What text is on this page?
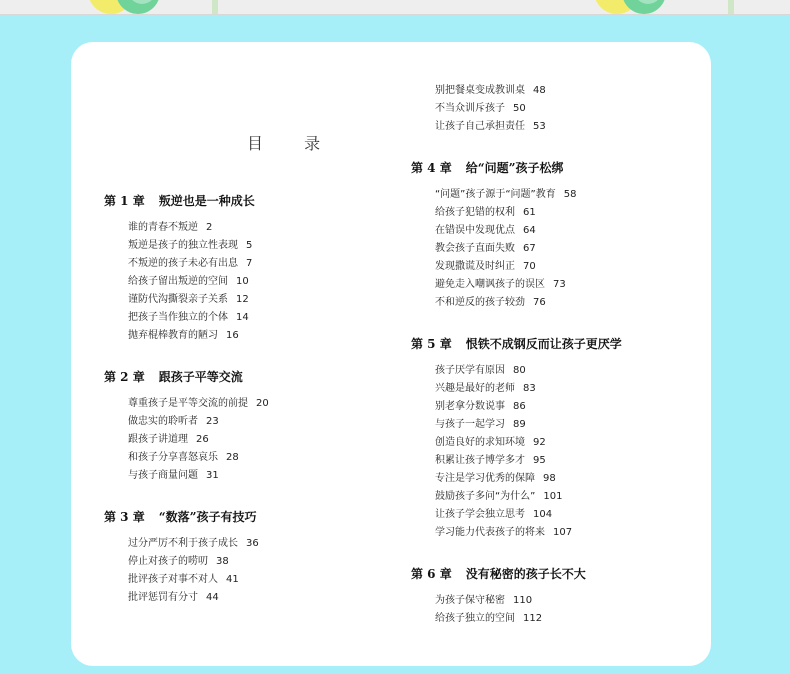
目 录
第 1 章 叛逆也是一种成长
谁的青春不叛逆 2
叛逆是孩子的独立性表现 5
不叛逆的孩子未必有出息 7
给孩子留出叛逆的空间 10
谨防代沟撕裂亲子关系 12
把孩子当作独立的个体 14
抛弃棍棒教育的陋习 16
第 2 章 跟孩子平等交流
尊重孩子是平等交流的前提 20
做忠实的聆听者 23
跟孩子讲道理 26
和孩子分享喜怒哀乐 28
与孩子商量问题 31
第 3 章 “数落”孩子有技巧
过分严厉不利于孩子成长 36
停止对孩子的唠叨 38
批评孩子对事不对人 41
批评惩罚有分寸 44
别把餐桌变成教训桌 48
不当众训斥孩子 50
让孩子自己承担责任 53
第 4 章 给“问题”孩子松绑
“问题”孩子源于“问题”教育 58
给孩子犯错的权利 61
在错误中发现优点 64
教会孩子直面失败 67
发现撒谎及时纠正 70
避免走入嘲讽孩子的误区 73
不和逆反的孩子较劲 76
第 5 章 恨铁不成钢反而让孩子更厌学
孩子厌学有原因 80
兴趣是最好的老师 83
别老拿分数说事 86
与孩子一起学习 89
创造良好的求知环境 92
积累让孩子博学多才 95
专注是学习优秀的保障 98
鼓励孩子多问“为什么” 101
让孩子学会独立思考 104
学习能力代表孩子的将来 107
第 6 章 没有秘密的孩子长不大
为孩子保守秘密 110
给孩子独立的空间 112
